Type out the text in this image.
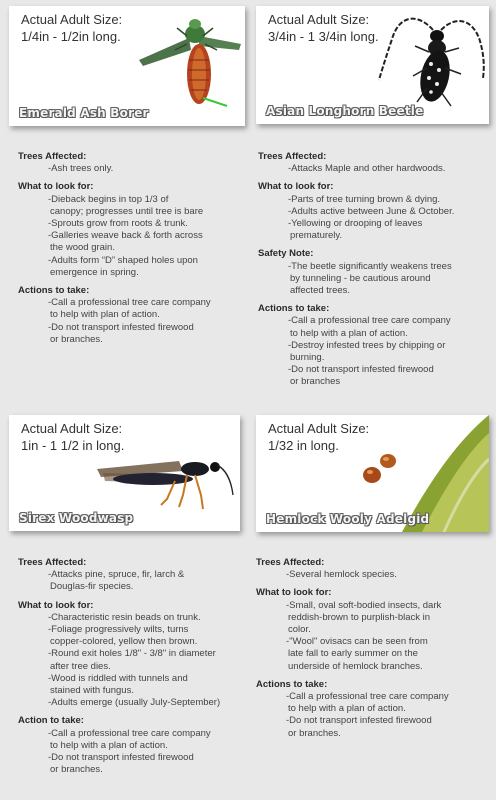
Actual Adult Size:
1/4in - 1/2in long.
Emerald Ash Borer
Actual Adult Size:
3/4in - 1 3/4in long.
Asian Longhorn Beetle
Trees Affected:
-Ash trees only.
What to look for:
-Dieback begins in top 1/3 of
canopy; progresses until tree is bare
-Sprouts grow from roots & trunk.
-Galleries weave back & forth across
the wood grain.
-Adults form “D” shaped holes upon
emergence in spring.
Actions to take:
-Call a professional tree care company
to help with plan of action.
-Do not transport infested firewood
or branches.
Trees Affected:
-Attacks Maple and other hardwoods.
What to look for:
-Parts of tree turning brown & dying.
-Adults active between June & October.
-Yellowing or drooping of leaves
prematurely.
Safety Note:
-The beetle significantly weakens trees
by tunneling - be cautious around
affected trees.
Actions to take:
-Call a professional tree care company
to help with a plan of action.
-Destroy infested trees by chipping or
burning.
-Do not transport infested firewood
or branches
Actual Adult Size:
1in - 1 1/2 in long.
Sirex Woodwasp
Actual Adult Size:
1/32 in long.
Hemlock Wooly Adelgid
Trees Affected:
-Attacks pine, spruce, fir, larch &
Douglas-fir species.
What to look for:
-Characteristic resin beads on trunk.
-Foliage progressively wilts, turns
copper-colored, yellow then brown.
-Round exit holes 1/8" - 3/8" in diameter
after tree dies.
-Wood is riddled with tunnels and
stained with fungus.
-Adults emerge (usually July-September)
Action to take:
-Call a professional tree care company
to help with a plan of action.
-Do not transport infested firewood
or branches.
Trees Affected:
-Several hemlock species.
What to look for:
-Small, oval soft-bodied insects, dark
reddish-brown to purplish-black in
color.
-"Wool" ovisacs can be seen from
late fall to early summer on the
underside of hemlock branches.
Actions to take:
-Call a professional tree care company
to help with a plan of action.
-Do not transport infested firewood
or branches.
